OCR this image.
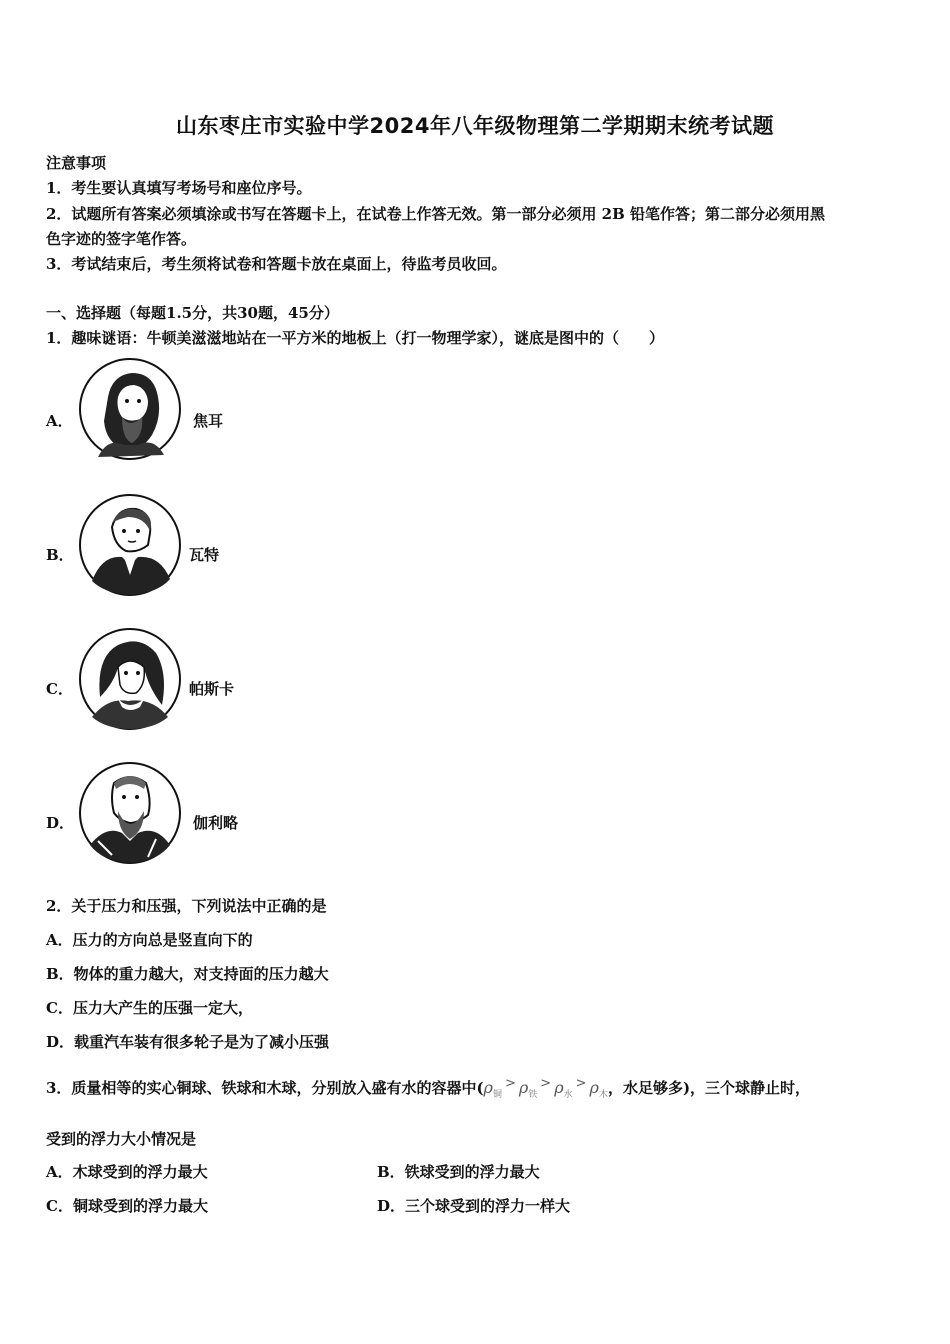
山东枣庄市实验中学2024年八年级物理第二学期期末统考试题
注意事项
1．考生要认真填写考场号和座位序号。
2．试题所有答案必须填涂或书写在答题卡上，在试卷上作答无效。第一部分必须用 2B 铅笔作答；第二部分必须用黑
色字迹的签字笔作答。
3．考试结束后，考生须将试卷和答题卡放在桌面上，待监考员收回。
一、选择题（每题1.5分，共30题，45分）
1．趣味谜语：牛顿美滋滋地站在一平方米的地板上（打一物理学家），谜底是图中的（　　）
A．	焦耳
B．	瓦特
C．	帕斯卡
D．	伽利略
2．关于压力和压强，下列说法中正确的是
A．压力的方向总是竖直向下的
B．物体的重力越大，对支持面的压力越大
C．压力大产生的压强一定大，
D．载重汽车装有很多轮子是为了减小压强
3．质量相等的实心铜球、铁球和木球，分别放入盛有水的容器中($\rho_铜> \rho_铁> \rho_水> \rho_木$，水足够多)，三个球静止时，
受到的浮力大小情况是
A．木球受到的浮力最大	B．铁球受到的浮力最大
C．铜球受到的浮力最大	D．三个球受到的浮力一样大
